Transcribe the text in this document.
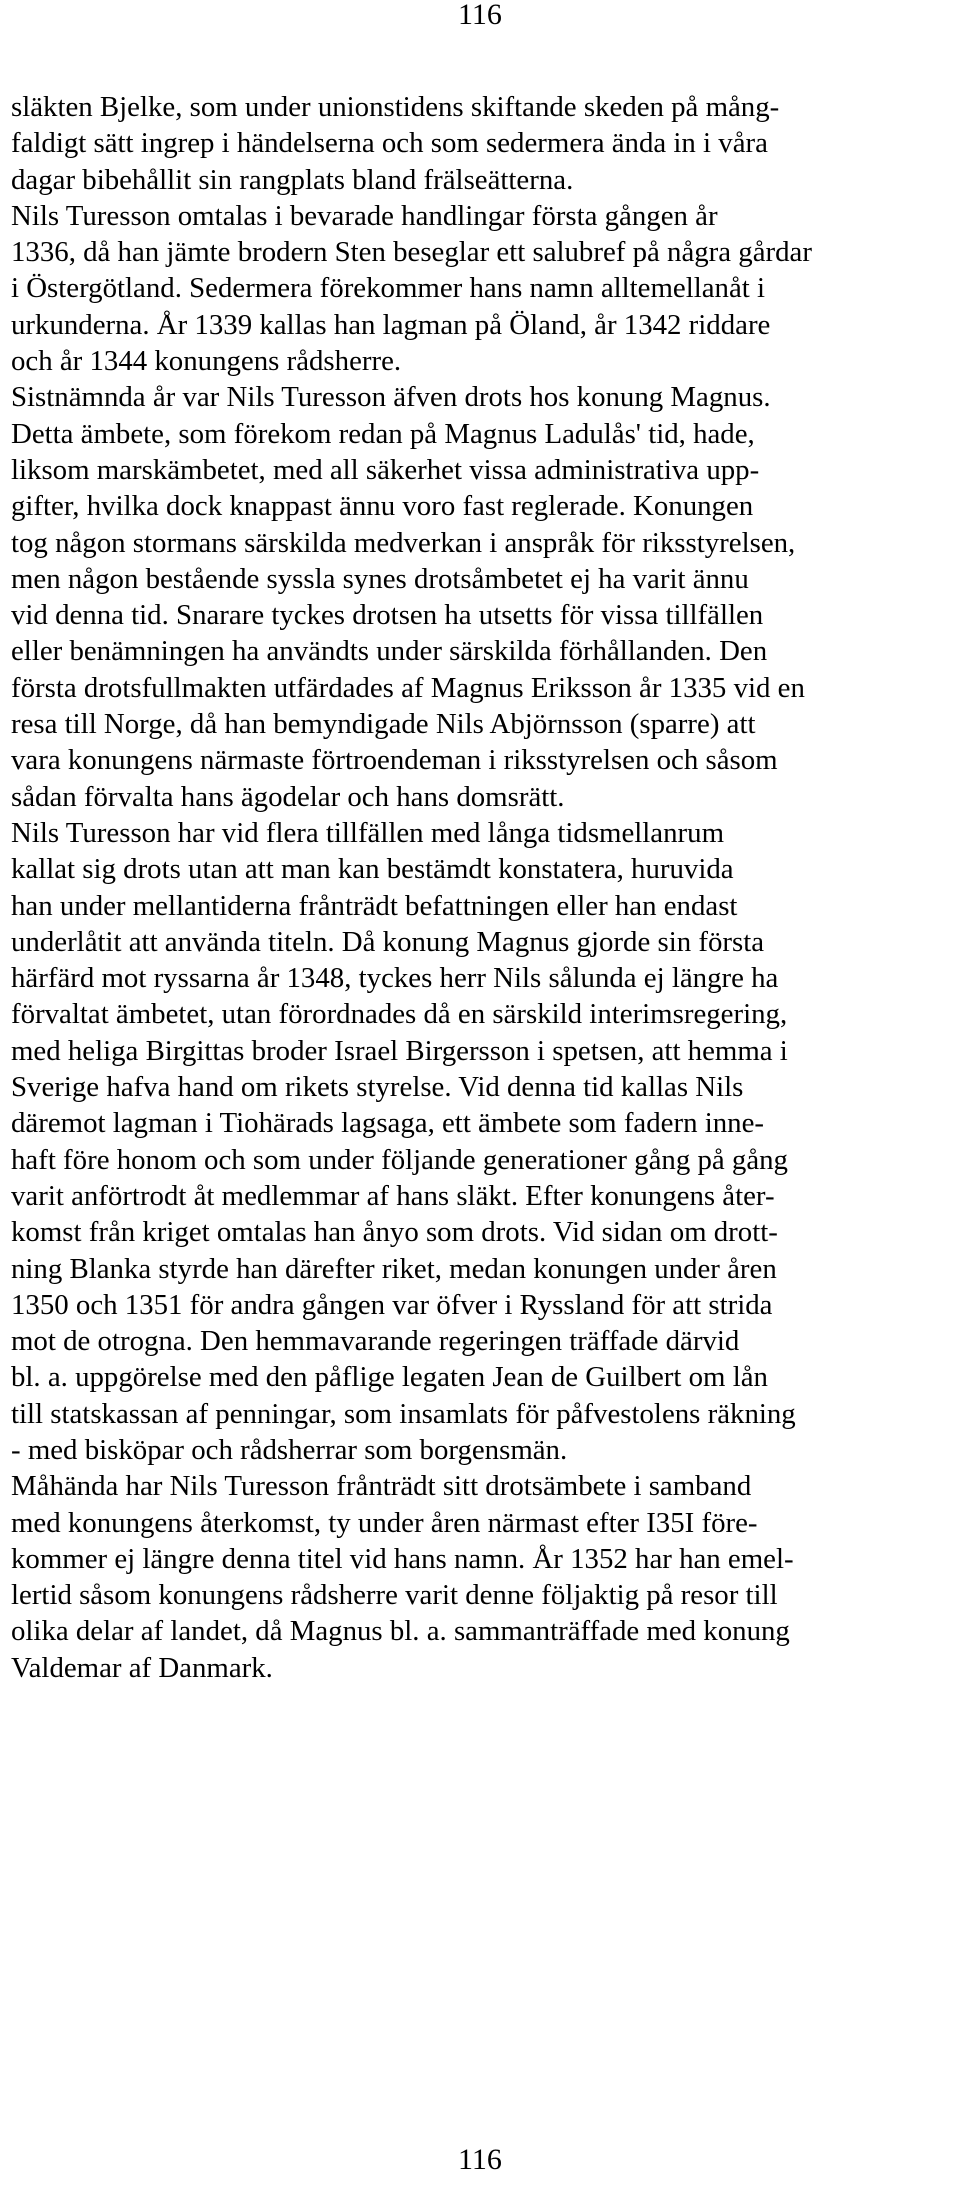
116
släkten Bjelke, som under unionstidens skiftande skeden på mång-
faldigt sätt ingrep i händelserna och som sedermera ända in i våra
dagar bibehållit sin rangplats bland frälseätterna.
Nils Turesson omtalas i bevarade handlingar första gången år
1336, då han jämte brodern Sten beseglar ett salubref på några gårdar
i Östergötland. Sedermera förekommer hans namn alltemellanåt i
urkunderna. År 1339 kallas han lagman på Öland, år 1342 riddare
och år 1344 konungens rådsherre.
Sistnämnda år var Nils Turesson äfven drots hos konung Magnus.
Detta ämbete, som förekom redan på Magnus Ladulås' tid, hade,
liksom marskämbetet, med all säkerhet vissa administrativa upp-
gifter, hvilka dock knappast ännu voro fast reglerade. Konungen
tog någon stormans särskilda medverkan i anspråk för riksstyrelsen,
men någon bestående syssla synes drotsåmbetet ej ha varit ännu
vid denna tid. Snarare tyckes drotsen ha utsetts för vissa tillfällen
eller benämningen ha användts under särskilda förhållanden. Den
första drotsfullmakten utfärdades af Magnus Eriksson år 1335 vid en
resa till Norge, då han bemyndigade Nils Abjörnsson (sparre) att
vara konungens närmaste förtroendeman i riksstyrelsen och såsom
sådan förvalta hans ägodelar och hans domsrätt.
Nils Turesson har vid flera tillfällen med långa tidsmellanrum
kallat sig drots utan att man kan bestämdt konstatera, huruvida
han under mellantiderna frånträdt befattningen eller han endast
underlåtit att använda titeln. Då konung Magnus gjorde sin första
härfärd mot ryssarna år 1348, tyckes herr Nils sålunda ej längre ha
förvaltat ämbetet, utan förordnades då en särskild interimsregering,
med heliga Birgittas broder Israel Birgersson i spetsen, att hemma i
Sverige hafva hand om rikets styrelse. Vid denna tid kallas Nils
däremot lagman i Tiohärads lagsaga, ett ämbete som fadern inne-
haft före honom och som under följande generationer gång på gång
varit anförtrodt åt medlemmar af hans släkt. Efter konungens åter-
komst från kriget omtalas han ånyo som drots. Vid sidan om drott-
ning Blanka styrde han därefter riket, medan konungen under åren
1350 och 1351 för andra gången var öfver i Ryssland för att strida
mot de otrogna. Den hemmavarande regeringen träffade därvid
bl. a. uppgörelse med den påflige legaten Jean de Guilbert om lån
till statskassan af penningar, som insamlats för påfvestolens räkning
- med bisköpar och rådsherrar som borgensmän.
Måhända har Nils Turesson frånträdt sitt drotsämbete i samband
med konungens återkomst, ty under åren närmast efter I35I före-
kommer ej längre denna titel vid hans namn. År 1352 har han emel-
lertid såsom konungens rådsherre varit denne följaktig på resor till
olika delar af landet, då Magnus bl. a. sammanträffade med konung
Valdemar af Danmark.
116
